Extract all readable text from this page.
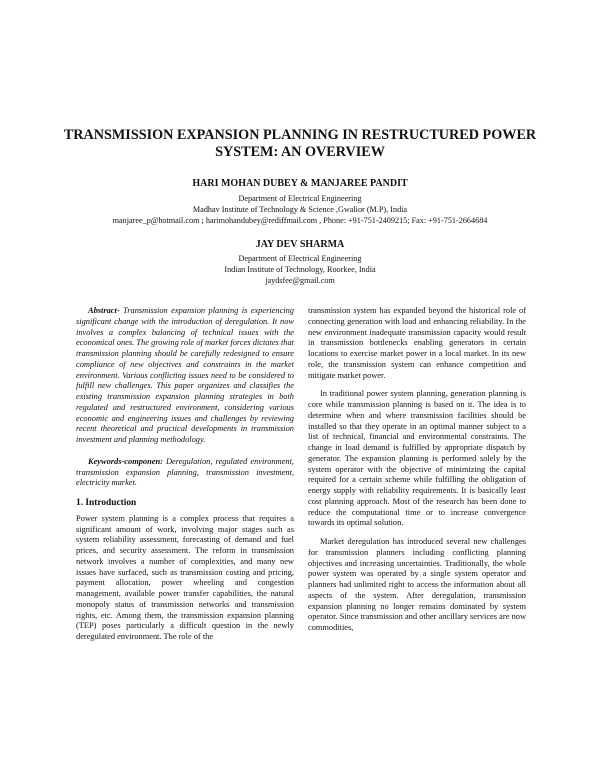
TRANSMISSION EXPANSION PLANNING IN RESTRUCTURED POWER
SYSTEM: AN OVERVIEW
HARI MOHAN DUBEY & MANJAREE PANDIT
Department of Electrical Engineering
Madhav Institute of Technology & Science ,Gwalior (M.P), India
manjaree_p@hotmail.com ; harimohandubey@rediffmail.com , Phone: +91-751-2409215; Fax: +91-751-2664684
JAY DEV SHARMA
Department of Electrical Engineering
Indian Institute of Technology, Roorkee, India
jaydsfee@gmail.com

Abstract- Transmission expansion planning is experiencing significant change with the introduction of deregulation. It now involves a complex balancing of technical issues with the economical ones. The growing role of market forces dictates that transmission planning should be carefully redesigned to ensure compliance of new objectives and constraints in the market environment. Various conflicting issues need to be considered to fulfill new challenges. This paper organizes and classifies the existing transmission expansion planning strategies in both regulated and restructured environment, considering various economic and engineering issues and challenges by reviewing recent theoretical and practical developments in transmission investment and planning methodology.

Keywords-componen: Deregulation, regulated environment, transmission expansion planning, transmission investment, electricity market.

1. Introduction

Power system planning is a complex process that requires a significant amount of work, involving major stages such as system reliability assessment, forecasting of demand and fuel prices, and security assessment. The reform in transmission network involves a number of complexities, and many new issues have surfaced, such as transmission costing and pricing, payment allocation, power wheeling and congestion management, available power transfer capabilities, the natural monopoly status of transmission networks and transmission rights, etc. Among them, the transmission expansion planning (TEP) poses particularly a difficult question in the newly deregulated environment. The role of the

transmission system has expanded beyond the historical role of connecting generation with load and enhancing reliability. In the new environment inadequate transmission capacity would result in transmission bottlenecks enabling generators in certain locations to exercise market power in a local market. In its new role, the transmission system can enhance competition and mitigate market power.

In traditional power system planning, generation planning is core while transmission planning is based on it. The idea is to determine when and where transmission facilities should be installed so that they operate in an optimal manner subject to a list of technical, financial and environmental constraints. The change in load demand is fulfilled by appropriate dispatch by generator. The expansion planning is performed solely by the system operator with the objective of minimizing the capital required for a certain scheme while fulfilling the obligation of energy supply with reliability requirements. It is basically least cost planning approach. Most of the research has been done to reduce the computational time or to increase convergence towards its optimal solution.

Market deregulation has introduced several new challenges for transmission planners including conflicting planning objectives and increasing uncertainties. Traditionally, the whole power system was operated by a single system operator and planners had unlimited right to access the information about all aspects of the system. After deregulation, transmission expansion planning no longer remains dominated by system operator. Since transmission and other ancillary services are now commodities,
